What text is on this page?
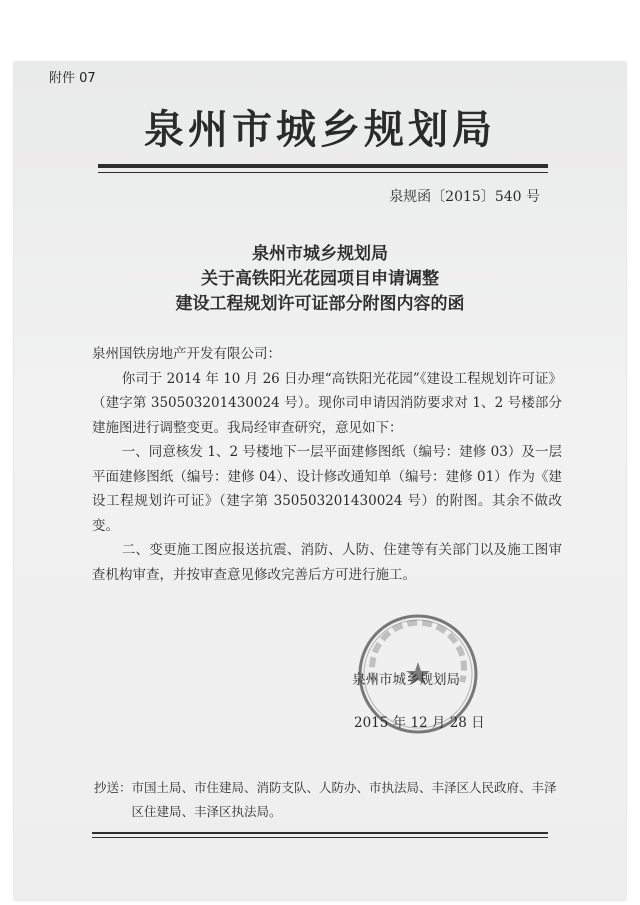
附件 07
泉州市城乡规划局
泉规函〔2015〕540 号
泉州市城乡规划局
关于高铁阳光花园项目申请调整
建设工程规划许可证部分附图内容的函

泉州国铁房地产开发有限公司：

你司于 2014 年 10 月 26 日办理“高铁阳光花园”《建设工程规划许可证》（建字第 350503201430024 号）。现你司申请因消防要求对 1、2 号楼部分建施图进行调整变更。我局经审查研究，意见如下：

一、同意核发 1、2 号楼地下一层平面建修图纸（编号：建修 03）及一层平面建修图纸（编号：建修 04）、设计修改通知单（编号：建修 01）作为《建设工程规划许可证》（建字第 350503201430024 号）的附图。其余不做改变。

二、变更施工图应报送抗震、消防、人防、住建等有关部门以及施工图审查机构审查，并按审查意见修改完善后方可进行施工。

泉州市城乡规划局
2015 年 12 月 28 日
抄送： 市国土局、市住建局、消防支队、人防办、市执法局、丰泽区人民政府、丰泽区住建局、丰泽区执法局。
